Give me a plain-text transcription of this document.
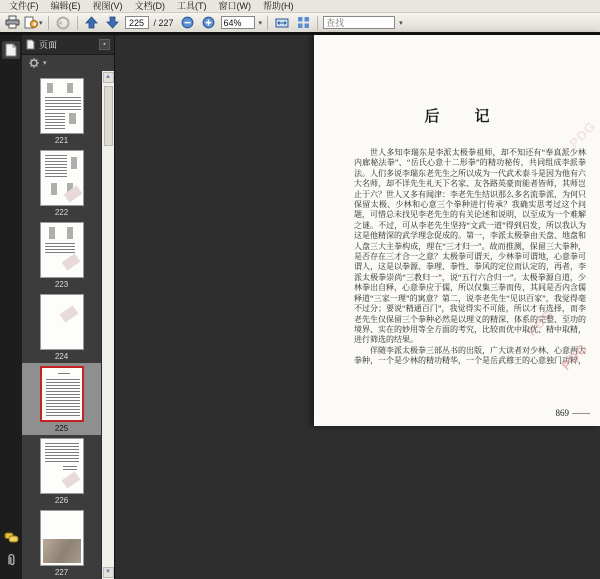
文件(F)	编辑(E)	视图(V)	文档(D)	工具(T)	窗口(W)	帮助(H)
▾
225	/ 227
64%	▾
查找	▾
页面	▪
▾
221
222
223
224
225
226
227
▲
▼
后　记

世人多知李瑞东是李派太极拳祖师，却不知还有“奉真派少林内廊秘法拳”、“岳氏心意十二形拳”的精功秘传，共同组成李派拳法。人们多说李瑞东老先生之所以成为一代武术泰斗是因为他有六大名师，却不详先生礼天下名家、友各路英豪而能者皆师，其师岂止于六？世人又多有闻津：李老先生结识那么多名流拳派，为何只保留太极、少林和心意三个拳种进行传承？我确实思考过这个问题，可惜总未找见李老先生的有关论述和说明，以至成为一个难解之谜。不过，可从李老先生坚持“文武一道”得到启发，所以我认为这是他精深的武学理念促成的。第一，李派太极拳由天盘、地盘和人盘三大主拳构成，理在“三才归一”。故而推测，保留三大拳种，是否存在三才合一之意？太极拳可谓天，少林拳可谓地，心意拳可谓人，这是以拳源、拳理、拳性、拳风的定位而认定的，再者，李派太极拳崇尚“三教归一”，说“五行六合归一”。太极拳源自道，少林拳出自释，心意拳应于儒，所以仅集三拳而传，其间是否内含儒释道“三家一理”的寓意？第二，说李老先生“见识百家”，我觉得毫不过分；要说“精通百门”，我觉得实不可能，所以才有选择，而李老先生仅保留三个拳种必然是以理义的精深、体系的完整、至功的境界、实在的妙用等全方面的考究，比较而优中取优、精中取精，进行筛选的结果。

伴随李派太极拳三部丛书的出版，广大读者对少林、心意两大拳种，一个是少林的精功精华，一个是岳武穆王的心意独门功粹，

PDG
PDG
PDG
869 ——
